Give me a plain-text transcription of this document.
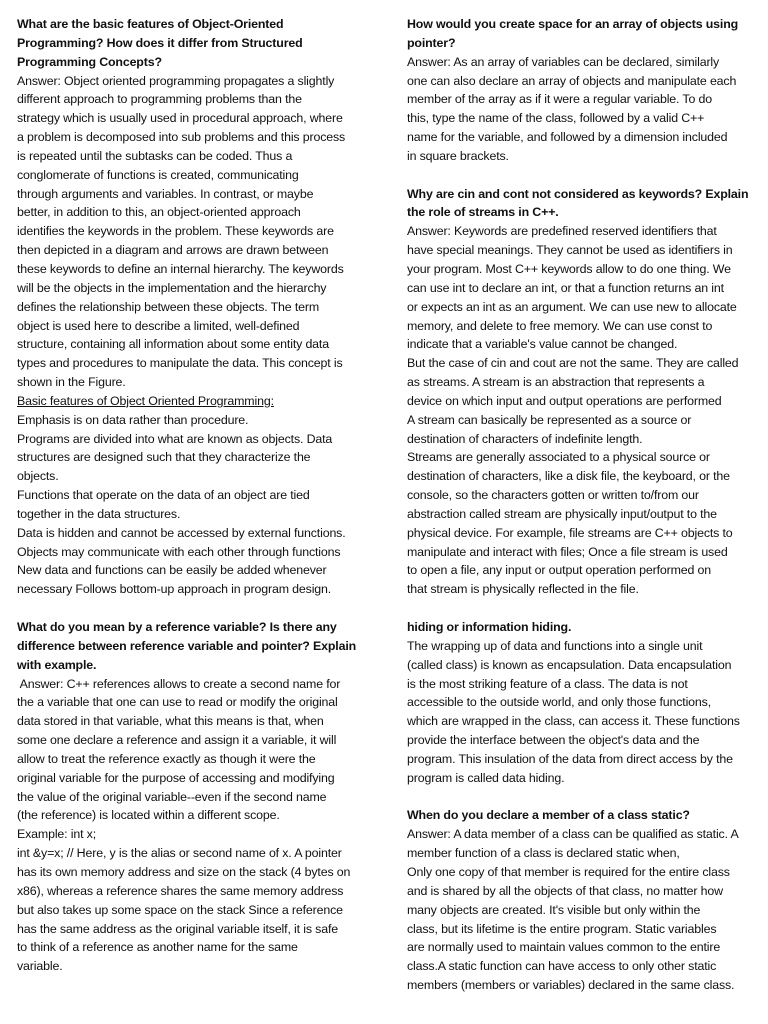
What are the basic features of Object-Oriented
Programming? How does it differ from Structured
Programming Concepts?
Answer: Object oriented programming propagates a slightly
different approach to programming problems than the
strategy which is usually used in procedural approach, where
a problem is decomposed into sub problems and this process
is repeated until the subtasks can be coded. Thus a
conglomerate of functions is created, communicating
through arguments and variables. In contrast, or maybe
better, in addition to this, an object-oriented approach
identifies the keywords in the problem. These keywords are
then depicted in a diagram and arrows are drawn between
these keywords to define an internal hierarchy. The keywords
will be the objects in the implementation and the hierarchy
defines the relationship between these objects. The term
object is used here to describe a limited, well-defined
structure, containing all information about some entity data
types and procedures to manipulate the data. This concept is
shown in the Figure.
Basic features of Object Oriented Programming:
Emphasis is on data rather than procedure.
Programs are divided into what are known as objects. Data
structures are designed such that they characterize the
objects.
Functions that operate on the data of an object are tied
together in the data structures.
Data is hidden and cannot be accessed by external functions.
Objects may communicate with each other through functions
New data and functions can be easily be added whenever
necessary Follows bottom-up approach in program design.
What do you mean by a reference variable? Is there any
difference between reference variable and pointer? Explain
with example.
Answer: C++ references allows to create a second name for
the a variable that one can use to read or modify the original
data stored in that variable, what this means is that, when
some one declare a reference and assign it a variable, it will
allow to treat the reference exactly as though it were the
original variable for the purpose of accessing and modifying
the value of the original variable--even if the second name
(the reference) is located within a different scope.
Example: int x;
int &y=x; // Here, y is the alias or second name of x. A pointer
has its own memory address and size on the stack (4 bytes on
x86), whereas a reference shares the same memory address
but also takes up some space on the stack Since a reference
has the same address as the original variable itself, it is safe
to think of a reference as another name for the same
variable.
How would you create space for an array of objects using
pointer?
Answer: As an array of variables can be declared, similarly
one can also declare an array of objects and manipulate each
member of the array as if it were a regular variable. To do
this, type the name of the class, followed by a valid C++
name for the variable, and followed by a dimension included
in square brackets.
Why are cin and cont not considered as keywords? Explain
the role of streams in C++.
Answer: Keywords are predefined reserved identifiers that
have special meanings. They cannot be used as identifiers in
your program. Most C++ keywords allow to do one thing. We
can use int to declare an int, or that a function returns an int
or expects an int as an argument. We can use new to allocate
memory, and delete to free memory. We can use const to
indicate that a variable's value cannot be changed.
But the case of cin and cout are not the same. They are called
as streams. A stream is an abstraction that represents a
device on which input and output operations are performed
A stream can basically be represented as a source or
destination of characters of indefinite length.
Streams are generally associated to a physical source or
destination of characters, like a disk file, the keyboard, or the
console, so the characters gotten or written to/from our
abstraction called stream are physically input/output to the
physical device. For example, file streams are C++ objects to
manipulate and interact with files; Once a file stream is used
to open a file, any input or output operation performed on
that stream is physically reflected in the file.
hiding or information hiding.
The wrapping up of data and functions into a single unit
(called class) is known as encapsulation. Data encapsulation
is the most striking feature of a class. The data is not
accessible to the outside world, and only those functions,
which are wrapped in the class, can access it. These functions
provide the interface between the object's data and the
program. This insulation of the data from direct access by the
program is called data hiding.
When do you declare a member of a class static?
Answer: A data member of a class can be qualified as static. A
member function of a class is declared static when,
Only one copy of that member is required for the entire class
and is shared by all the objects of that class, no matter how
many objects are created. It's visible but only within the
class, but its lifetime is the entire program. Static variables
are normally used to maintain values common to the entire
class.A static function can have access to only other static
members (members or variables) declared in the same class.
